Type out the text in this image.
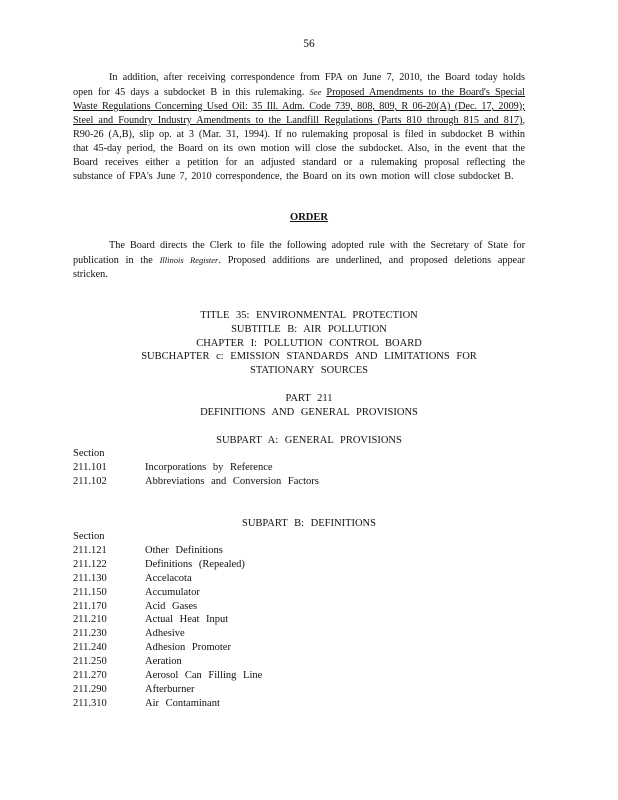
56
In addition, after receiving correspondence from FPA on June 7, 2010, the Board today holds open for 45 days a subdocket B in this rulemaking. See Proposed Amendments to the Board's Special Waste Regulations Concerning Used Oil: 35 Ill. Adm. Code 739, 808, 809, R 06-20(A) (Dec. 17, 2009); Steel and Foundry Industry Amendments to the Landfill Regulations (Parts 810 through 815 and 817), R90-26 (A,B), slip op. at 3 (Mar. 31, 1994). If no rulemaking proposal is filed in subdocket B within that 45-day period, the Board on its own motion will close the subdocket. Also, in the event that the Board receives either a petition for an adjusted standard or a rulemaking proposal reflecting the substance of FPA's June 7, 2010 correspondence, the Board on its own motion will close subdocket B.
ORDER
The Board directs the Clerk to file the following adopted rule with the Secretary of State for publication in the Illinois Register. Proposed additions are underlined, and proposed deletions appear stricken.
TITLE 35: ENVIRONMENTAL PROTECTION
SUBTITLE B: AIR POLLUTION
CHAPTER I: POLLUTION CONTROL BOARD
SUBCHAPTER c: EMISSION STANDARDS AND LIMITATIONS FOR
STATIONARY SOURCES
PART 211
DEFINITIONS AND GENERAL PROVISIONS
SUBPART A: GENERAL PROVISIONS
Section
211.101	Incorporations by Reference
211.102	Abbreviations and Conversion Factors
SUBPART B: DEFINITIONS
Section
211.121	Other Definitions
211.122	Definitions (Repealed)
211.130	Accelacota
211.150	Accumulator
211.170	Acid Gases
211.210	Actual Heat Input
211.230	Adhesive
211.240	Adhesion Promoter
211.250	Aeration
211.270	Aerosol Can Filling Line
211.290	Afterburner
211.310	Air Contaminant
